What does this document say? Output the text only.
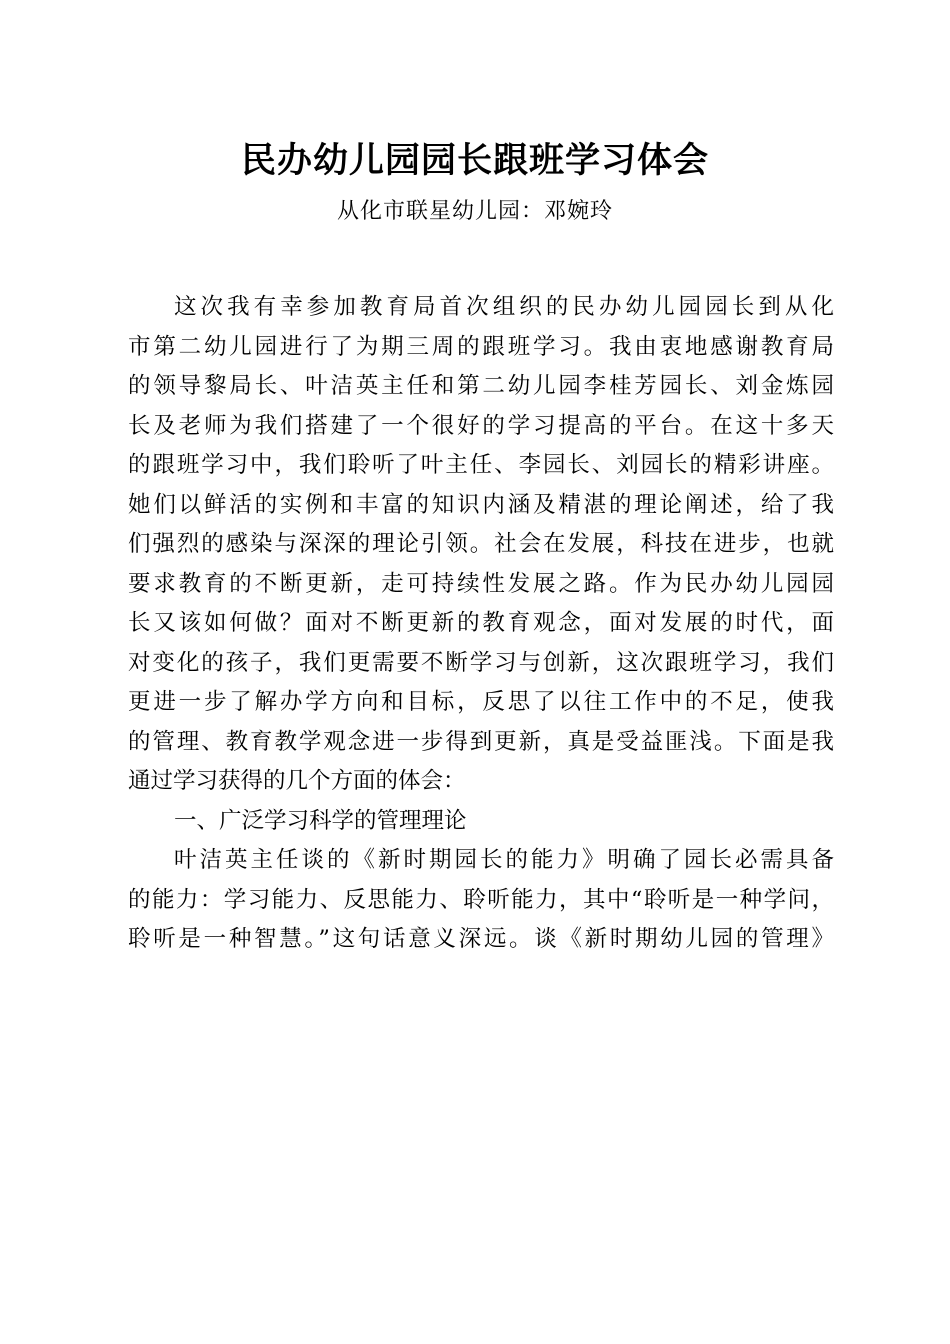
民办幼儿园园长跟班学习体会
从化市联星幼儿园：邓婉玲
这次我有幸参加教育局首次组织的民办幼儿园园长到从化
市第二幼儿园进行了为期三周的跟班学习。我由衷地感谢教育局
的领导黎局长、叶洁英主任和第二幼儿园李桂芳园长、刘金炼园
长及老师为我们搭建了一个很好的学习提高的平台。在这十多天
的跟班学习中，我们聆听了叶主任、李园长、刘园长的精彩讲座。
她们以鲜活的实例和丰富的知识内涵及精湛的理论阐述，给了我
们强烈的感染与深深的理论引领。社会在发展，科技在进步，也就
要求教育的不断更新，走可持续性发展之路。作为民办幼儿园园
长又该如何做？面对不断更新的教育观念，面对发展的时代，面
对变化的孩子，我们更需要不断学习与创新，这次跟班学习，我们
更进一步了解办学方向和目标，反思了以往工作中的不足，使我
的管理、教育教学观念进一步得到更新，真是受益匪浅。下面是我
通过学习获得的几个方面的体会：
一、广泛学习科学的管理理论
叶洁英主任谈的《新时期园长的能力》明确了园长必需具备
的能力：学习能力、反思能力、聆听能力，其中“聆听是一种学问，
聆听是一种智慧。”这句话意义深远。谈《新时期幼儿园的管理》
